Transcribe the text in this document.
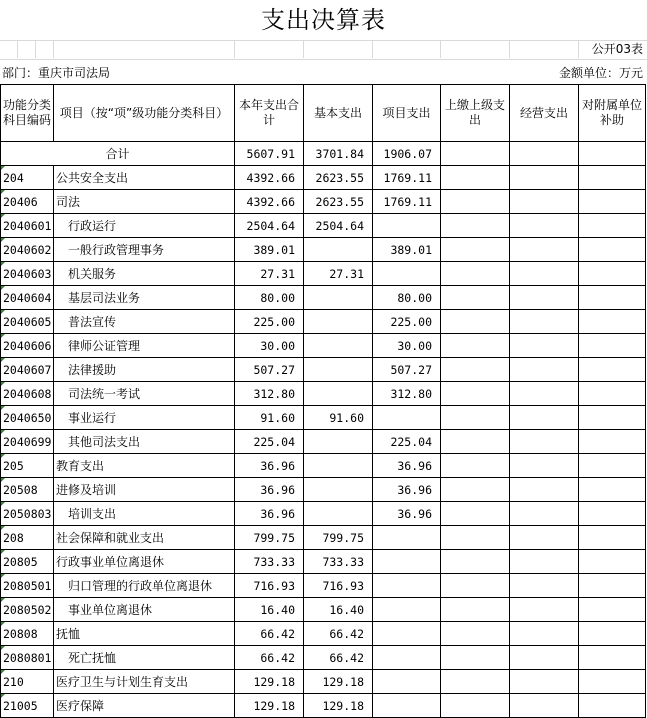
支出决算表
公开03表
部门：重庆市司法局	金额单位：万元
功能分类科目编码	项目（按“项”级功能分类科目）	本年支出合计	基本支出	项目支出	上缴上级支出	经营支出	对附属单位补助
合计		5607.91	3701.84	1906.07			
204	公共安全支出	4392.66	2623.55	1769.11			
20406	司法	4392.66	2623.55	1769.11			
2040601	行政运行	2504.64	2504.64				
2040602	一般行政管理事务	389.01		389.01			
2040603	机关服务	27.31	27.31				
2040604	基层司法业务	80.00		80.00			
2040605	普法宣传	225.00		225.00			
2040606	律师公证管理	30.00		30.00			
2040607	法律援助	507.27		507.27			
2040608	司法统一考试	312.80		312.80			
2040650	事业运行	91.60	91.60				
2040699	其他司法支出	225.04		225.04			
205	教育支出	36.96		36.96			
20508	进修及培训	36.96		36.96			
2050803	培训支出	36.96		36.96			
208	社会保障和就业支出	799.75	799.75				
20805	行政事业单位离退休	733.33	733.33				
2080501	归口管理的行政单位离退休	716.93	716.93				
2080502	事业单位离退休	16.40	16.40				
20808	抚恤	66.42	66.42				
2080801	死亡抚恤	66.42	66.42				
210	医疗卫生与计划生育支出	129.18	129.18				
21005	医疗保障	129.18	129.18				
